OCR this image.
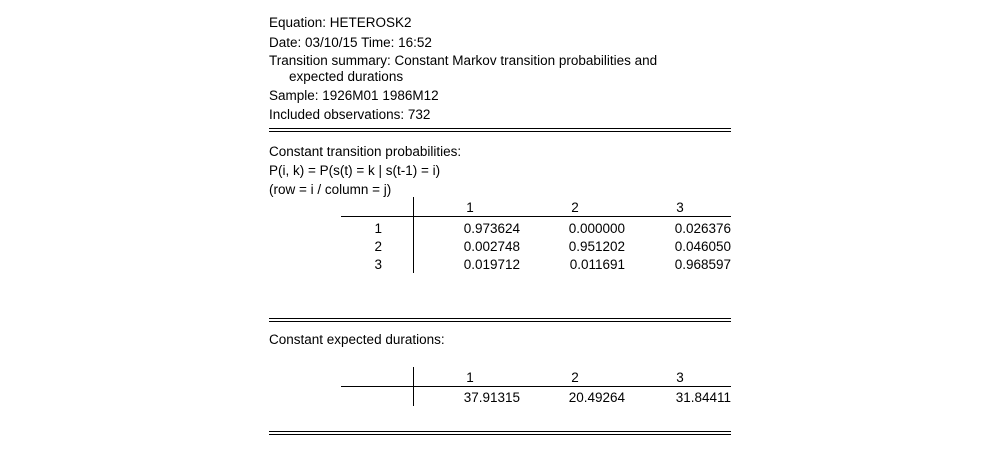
Equation: HETEROSK2
Date: 03/10/15 Time: 16:52
Transition summary: Constant Markov transition probabilities and
expected durations
Sample: 1926M01 1986M12
Included observations: 732
Constant transition probabilities:
P(i, k) = P(s(t) = k | s(t-1) = i)
(row = i / column = j)
1	2	3
1	0.973624	0.000000	0.026376
2	0.002748	0.951202	0.046050
3	0.019712	0.011691	0.968597
Constant expected durations:
1	2	3
37.91315	20.49264	31.84411
